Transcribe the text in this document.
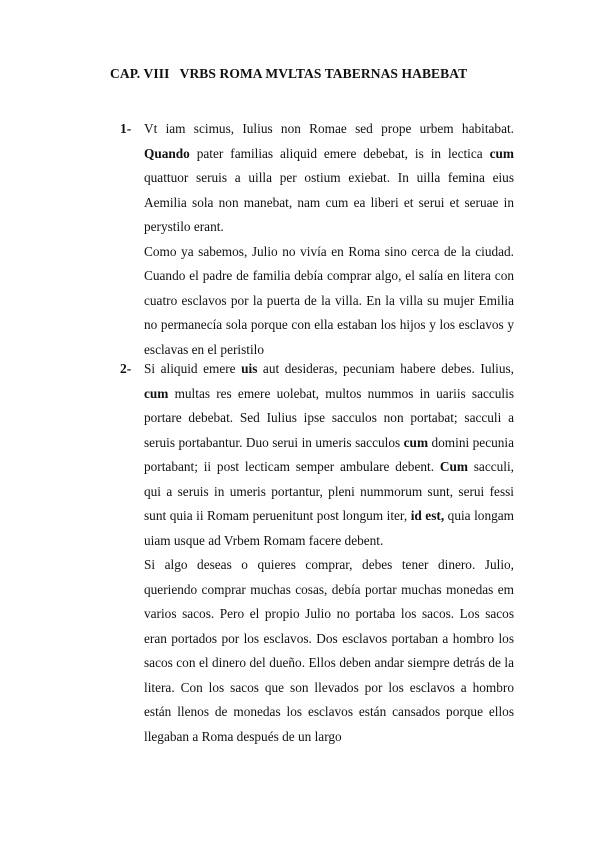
CAP. VIII   VRBS ROMA MVLTAS TABERNAS HABEBAT
1- Vt iam scimus, Iulius non Romae sed prope urbem habitabat. Quando pater familias aliquid emere debebat, is in lectica cum quattuor seruis a uilla per ostium exiebat. In uilla femina eius Aemilia sola non manebat, nam cum ea liberi et serui et seruae in perystilo erant.

Como ya sabemos, Julio no vivía en Roma sino cerca de la ciudad. Cuando el padre de familia debía comprar algo, el salía en litera con cuatro esclavos por la puerta de la villa. En la villa su mujer Emilia no permanecía sola porque con ella estaban los hijos y los esclavos y esclavas en el peristilo

2- Si aliquid emere uis aut desideras, pecuniam habere debes. Iulius, cum multas res emere uolebat, multos nummos in uariis sacculis portare debebat. Sed Iulius ipse sacculos non portabat; sacculi a seruis portabantur. Duo serui in umeris sacculos cum domini pecunia portabant; ii post lecticam semper ambulare debent. Cum sacculi, qui a seruis in umeris portantur, pleni nummorum sunt, serui fessi sunt quia ii Romam peruenitunt post longum iter, id est, quia longam uiam usque ad Vrbem Romam facere debent.

Si algo deseas o quieres comprar, debes tener dinero. Julio, queriendo comprar muchas cosas, debía portar muchas monedas em varios sacos. Pero el propio Julio no portaba los sacos. Los sacos eran portados por los esclavos. Dos esclavos portaban a hombro los sacos con el dinero del dueño. Ellos deben andar siempre detrás de la litera. Con los sacos que son llevados por los esclavos a hombro están llenos de monedas los esclavos están cansados porque ellos llegaban a Roma después de un largo
